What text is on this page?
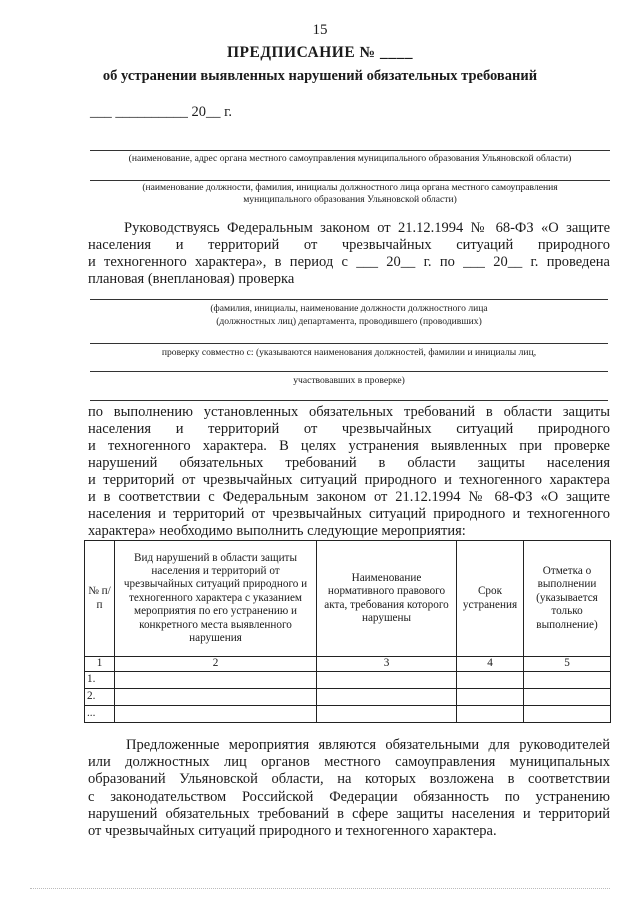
15
ПРЕДПИСАНИЕ № ____
об устранении выявленных нарушений обязательных требований
___ __________ 20__ г.
(наименование, адрес органа местного самоуправления муниципального образования Ульяновской области)
(наименование должности, фамилия, инициалы должностного лица органа местного самоуправления
муниципального образования Ульяновской области)
Руководствуясь Федеральным законом от 21.12.1994 № 68-ФЗ «О защите
населения и территорий от чрезвычайных ситуаций природного
и техногенного характера», в период с ___ 20__ г. по ___ 20__ г. проведена
плановая (внеплановая) проверка
(фамилия, инициалы, наименование должности должностного лица
(должностных лиц) департамента, проводившего (проводивших)
проверку совместно с: (указываются наименования должностей, фамилии и инициалы лиц,
участвовавших в проверке)
по выполнению установленных обязательных требований в области защиты
населения и территорий от чрезвычайных ситуаций природного
и техногенного характера. В целях устранения выявленных при проверке
нарушений обязательных требований в области защиты населения
и территорий от чрезвычайных ситуаций природного и техногенного характера
и в соответствии с Федеральным законом от 21.12.1994 № 68-ФЗ «О защите
населения и территорий от чрезвычайных ситуаций природного и техногенного
характера» необходимо выполнить следующие мероприятия:
№ п/п	Вид нарушений в области защиты населения и территорий от чрезвычайных ситуаций природного и техногенного характера с указанием мероприятия по его устранению и конкретного места выявленного нарушения	Наименование нормативного правового акта, требования которого нарушены	Срок устранения	Отметка о выполнении (указывается только выполнение)
1	2	3	4	5
1.				
2.				
...				
Предложенные мероприятия являются обязательными для руководителей
или должностных лиц органов местного самоуправления муниципальных
образований Ульяновской области, на которых возложена в соответствии
с законодательством Российской Федерации обязанность по устранению
нарушений обязательных требований в сфере защиты населения и территорий
от чрезвычайных ситуаций природного и техногенного характера.
